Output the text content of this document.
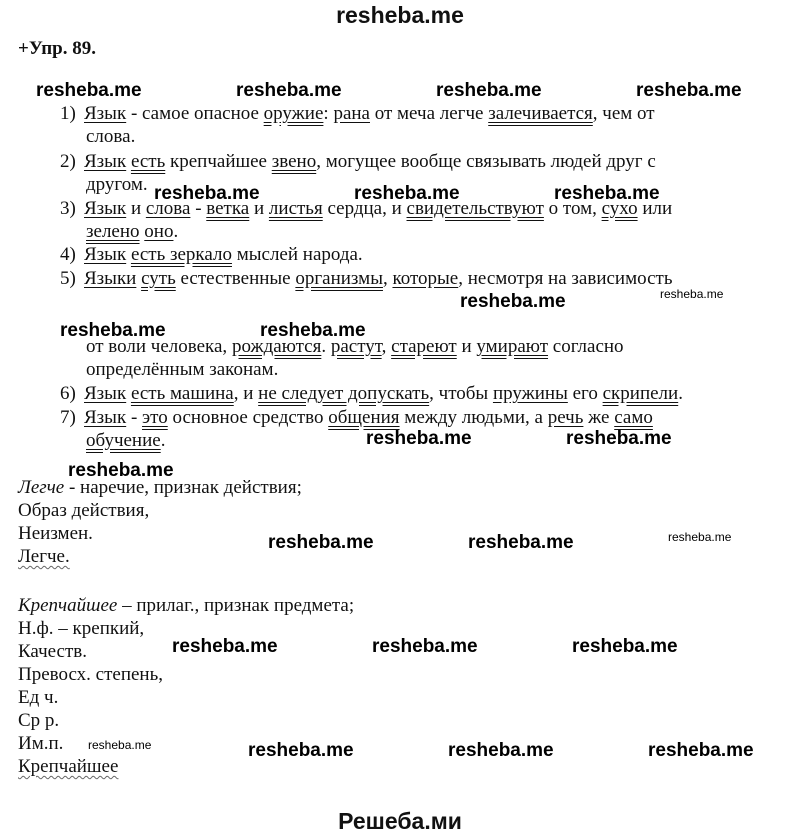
resheba.me
+Упр. 89.
Решеба.ми
resheba.me	resheba.me	resheba.me	resheba.me
resheba.me	resheba.me	resheba.me
resheba.me	resheba.me
resheba.me	resheba.me
resheba.me	resheba.me
resheba.me
resheba.me	resheba.me	resheba.me
resheba.me	resheba.me	resheba.me
resheba.me	resheba.me	resheba.me	resheba.me
1) Язык - самое опасное оружие: рана от меча легче залечивается, чем от
слова.
2) Язык есть крепчайшее звено, могущее вообще связывать людей друг с
другом.
3) Язык и слова - ветка и листья сердца, и свидетельствуют о том, сухо или
зелено оно.
4) Язык есть зеркало мыслей народа.
5) Языки суть естественные организмы, которые, несмотря на зависимость
от воли человека, рождаются. растут, стареют и умирают согласно
определённым законам.
6) Язык есть машина, и не следует допускать, чтобы пружины его скрипели.
7) Язык - это основное средство общения между людьми, а речь же само
обучение.
Легче - наречие, признак действия;
Образ действия,
Неизмен.
Легче.
Крепчайшее – прилаг., признак предмета;
Н.ф. – крепкий,
Качеств.
Превосх. степень,
Ед ч.
Ср р.
Им.п.
Крепчайшее
